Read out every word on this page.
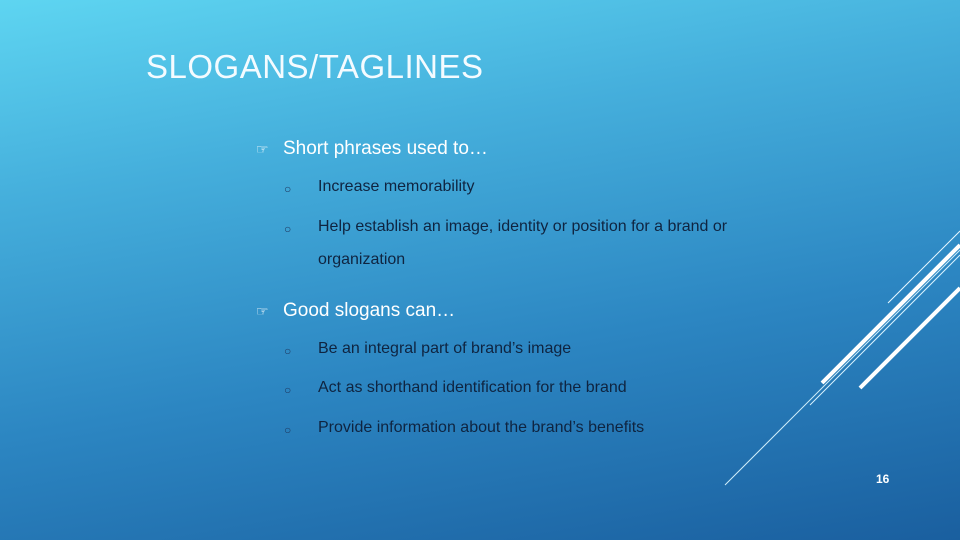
SLOGANS/TAGLINES
☞ Short phrases used to…
○ Increase memorability
○ Help establish an image, identity or position for a brand or organization
☞ Good slogans can…
○ Be an integral part of brand’s image
○ Act as shorthand identification for the brand
○ Provide information about the brand’s benefits
16
